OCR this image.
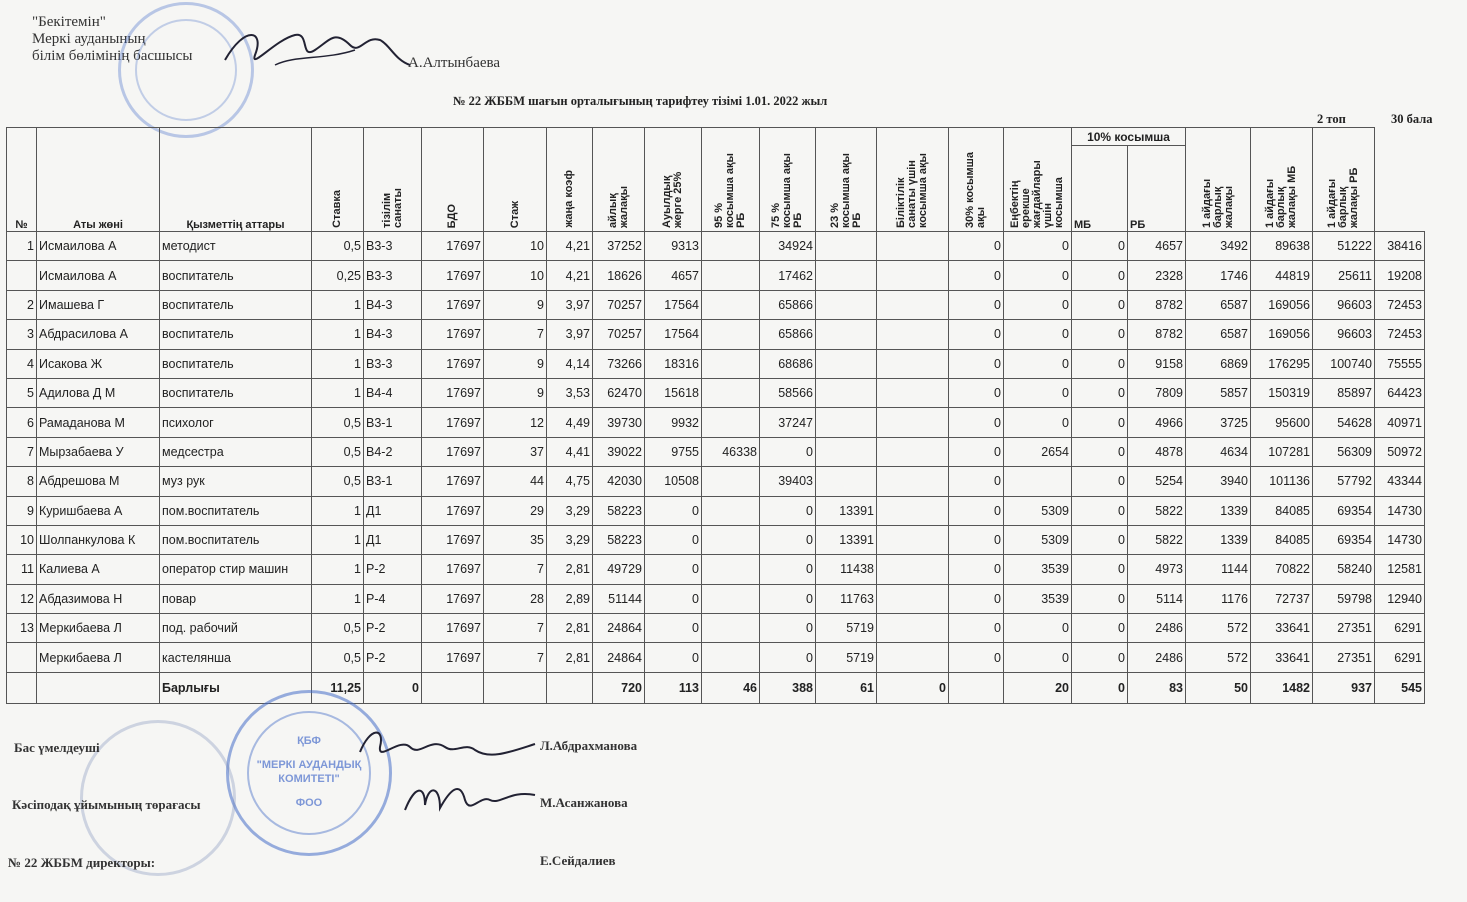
"Бекітемін"
Меркі ауданының
білім бөлімінің басшысы	А.Алтынбаева
№ 22 ЖББМ шағын орталығының тарифтеу тізімі 1.01. 2022 жыл
2 топ	30 бала
№	Аты жөні	Қызметтің аттары	Ставка	тізілім санаты	БДО	Стаж	жаңа коэф	айлық жалақы	Ауылдық жерге 25%	95 % косымша ақы РБ	75 % косымша ақы РБ	23 % косымша ақы РБ	Біліктілік санаты үшін косымша ақы	30% косымша ақы	Еңбектің ерекше жағдайлары үшін косымша	10% косымша		1 айдағы барлық жалақы	1 айдағы барлық жалақы МБ	1 айдағы барлық жалақы РБ	
																МБ	РБ				
1	Исмаилова А	методист	0,5	B3-3	17697	10	4,21	37252	9313		34924			0	0	0	4657	3492	89638	51222	38416
	Исмаилова А	воспитатель	0,25	B3-3	17697	10	4,21	18626	4657		17462			0	0	0	2328	1746	44819	25611	19208
2	Имашева Г	воспитатель	1	B4-3	17697	9	3,97	70257	17564		65866			0	0	0	8782	6587	169056	96603	72453
3	Абдрасилова А	воспитатель	1	B4-3	17697	7	3,97	70257	17564		65866			0	0	0	8782	6587	169056	96603	72453
4	Исакова Ж	воспитатель	1	B3-3	17697	9	4,14	73266	18316		68686			0	0	0	9158	6869	176295	100740	75555
5	Адилова Д М	воспитатель	1	B4-4	17697	9	3,53	62470	15618		58566			0	0	0	7809	5857	150319	85897	64423
6	Рамаданова М	психолог	0,5	B3-1	17697	12	4,49	39730	9932		37247			0	0	0	4966	3725	95600	54628	40971
7	Мырзабаева У	медсестра	0,5	B4-2	17697	37	4,41	39022	9755	46338	0			0	2654	0	4878	4634	107281	56309	50972
8	Абдрешова М	муз рук	0,5	B3-1	17697	44	4,75	42030	10508		39403			0		0	5254	3940	101136	57792	43344
9	Куришбаева А	пом.воспитатель	1	Д1	17697	29	3,29	58223	0		0	13391		0	5309	0	5822	1339	84085	69354	14730
10	Шолпанкулова К	пом.воспитатель	1	Д1	17697	35	3,29	58223	0		0	13391		0	5309	0	5822	1339	84085	69354	14730
11	Калиева А	оператор стир машин	1	P-2	17697	7	2,81	49729	0		0	11438		0	3539	0	4973	1144	70822	58240	12581
12	Абдазимова Н	повар	1	P-4	17697	28	2,89	51144	0		0	11763		0	3539	0	5114	1176	72737	59798	12940
13	Меркибаева Л	под. рабочий	0,5	P-2	17697	7	2,81	24864	0		0	5719		0	0	0	2486	572	33641	27351	6291
	Меркибаева Л	кастелянша	0,5	P-2	17697	7	2,81	24864	0		0	5719		0	0	0	2486	572	33641	27351	6291
		Барлығы	11,25	0				720	113	46	388	61	0		20	0	83	50	1482	937	545
ҚБФ
"МЕРКІ АУДАНДЫҚ
КОМИТЕТІ"
ФОО
Бас үмелдеуші	Л.Абдрахманова
Кәсіподақ ұйымының төрағасы	М.Асанжанова
№ 22 ЖББМ директоры:	Е.Сейдалиев
